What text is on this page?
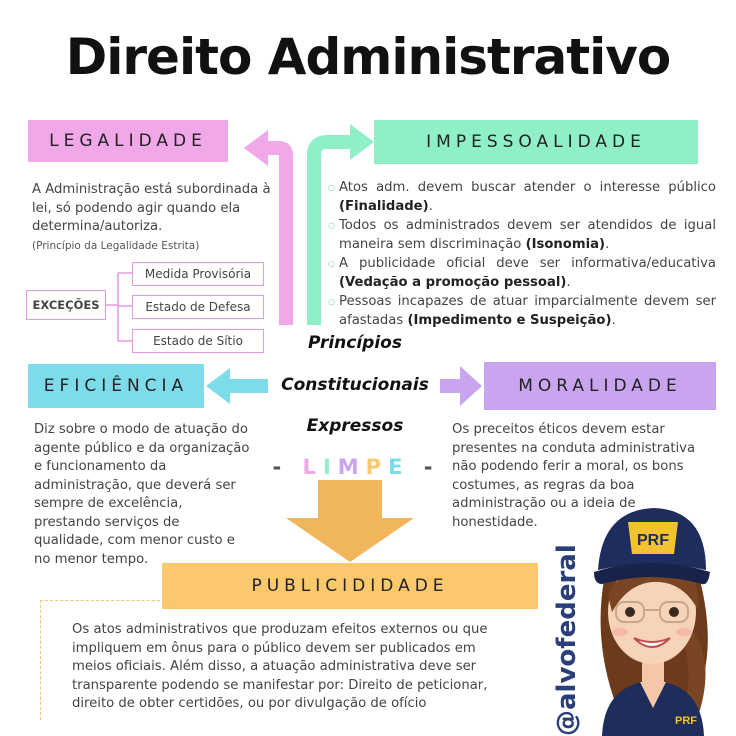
Direito Administrativo
LEGALIDADE
A Administração está subordinada à lei, só podendo agir quando ela determina/autoriza.
(Princípio da Legalidade Estrita)
EXCEÇÕES
Medida Provisória
Estado de Defesa
Estado de Sítio
IMPESSOALIDADE
○ Atos adm. devem buscar atender o interesse público (Finalidade).
○ Todos os administrados devem ser atendidos de igual maneira sem discriminação (Isonomia).
○ A publicidade oficial deve ser informativa/educativa (Vedação a promoção pessoal).
○ Pessoas incapazes de atuar imparcialmente devem ser afastadas (Impedimento e Suspeição).
Princípios
Constitucionais
Expressos
- LIMPE -
EFICIÊNCIA
Diz sobre o modo de atuação do agente público e da organização e funcionamento da administração, que deverá ser sempre de excelência, prestando serviços de qualidade, com menor custo e no menor tempo.
MORALIDADE
Os preceitos éticos devem estar presentes na conduta administrativa não podendo ferir a moral, os bons costumes, as regras da boa administração ou a ideia de honestidade.
PUBLICIDIDADE
Os atos administrativos que produzam efeitos externos ou que impliquem em ônus para o público devem ser publicados em meios oficiais. Além disso, a atuação administrativa deve ser transparente podendo se manifestar por: Direito de peticionar, direito de obter certidões, ou por divulgação de ofício	@alvofederal
PRF
PRF
